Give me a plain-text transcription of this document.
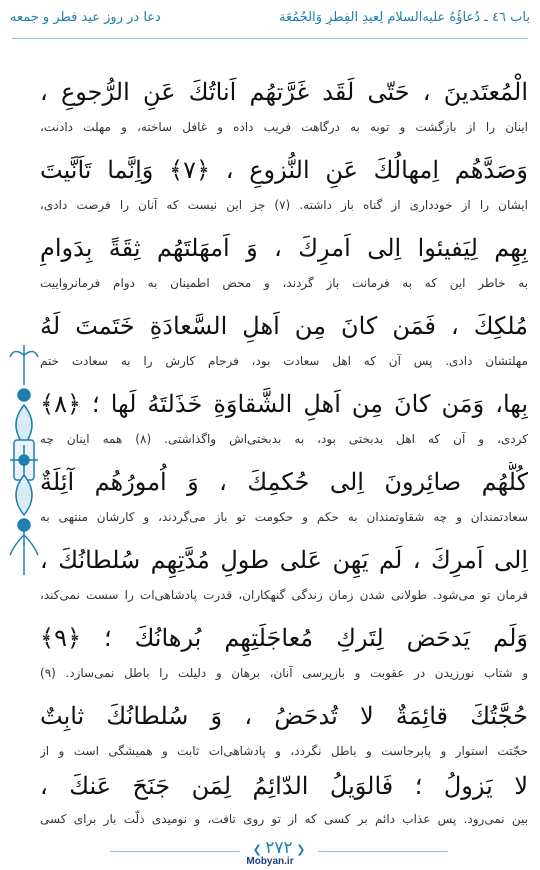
باب ٤٦ ـ دُعاؤُهُ عليه‌السلام لِعيدِ الفِطرِ وَالجُمُعَة
دعا در روز عید فطر و جمعه
الْمُعتَدينَ ، حَتّی لَقَد غَرَّتهُم اَناتُكَ عَنِ الرُّجوعِ ،
اينان را از بازگشت و توبه به درگاهت فريب داده و غافل ساخته، و مهلت دادنت،
وَصَدَّهُم اِمهالُكَ عَنِ النُّزوعِ ، ﴿۷﴾ وَاِنَّما تَاَنَّيتَ
ايشان را از خودداری از گناه باز داشته. (۷) جز اين نيست كه آنان را فرصت دادی،
بِهِم لِيَفيئوا اِلى اَمرِكَ ، وَ اَمهَلتَهُم ثِقَةً بِدَوامِ
به خاطر اين كه به فرمانت باز گردند، و محض اطمينان به دوام فرمانروايیت
مُلكِكَ ، فَمَن كانَ مِن اَهلِ السَّعادَةِ خَتَمتَ لَهُ
مهلتشان دادی. پس آن كه اهل سعادت بود، فرجام كارش را به سعادت ختم
بِها، وَمَن كانَ مِن اَهلِ الشَّقاوَةِ خَذَلتَهُ لَها ؛ ﴿۸﴾
كردی، و آن كه اهل بدبختی بود، به بدبختی‌اش واگذاشتی. (۸) همه اينان چه
كُلُّهُم صائِرونَ اِلى حُكمِكَ ، وَ اُمورُهُم آئِلَةٌ
سعادتمندان و چه شقاوتمندان به حكم و حكومت تو باز می‌گردند، و كارشان منتهی به
اِلى اَمرِكَ ، لَم يَهِن عَلى طولِ مُدَّتِهِم سُلطانُكَ ،
فرمان تو می‌شود. طولانی شدن زمان زندگی گنهكاران، قدرت پادشاهی‌ات را سست نمی‌كند،
وَلَم يَدحَض لِتَركِ مُعاجَلَتِهِم بُرهانُكَ ؛ ﴿۹﴾
و شتاب نورزيدن در عقوبت و بازپرسی آنان، برهان و دليلت را باطل نمی‌سازد. (۹)
حُجَّتُكَ قائِمَةٌ لا تُدحَضُ ، وَ سُلطانُكَ ثابِتٌ
حجّتت استوار و پابرجاست و باطل نگردد، و پادشاهی‌ات ثابت و هميشگی است و از
لا يَزولُ ؛ فَالوَيلُ الدّائِمُ لِمَن جَنَحَ عَنكَ ،
بين نمی‌رود. پس عذاب دائم بر كسی كه از تو روی تافت، و نوميدی ذلّت بار برای كسی
❮ ۲۷۲ ❯
Mobyan.ir
